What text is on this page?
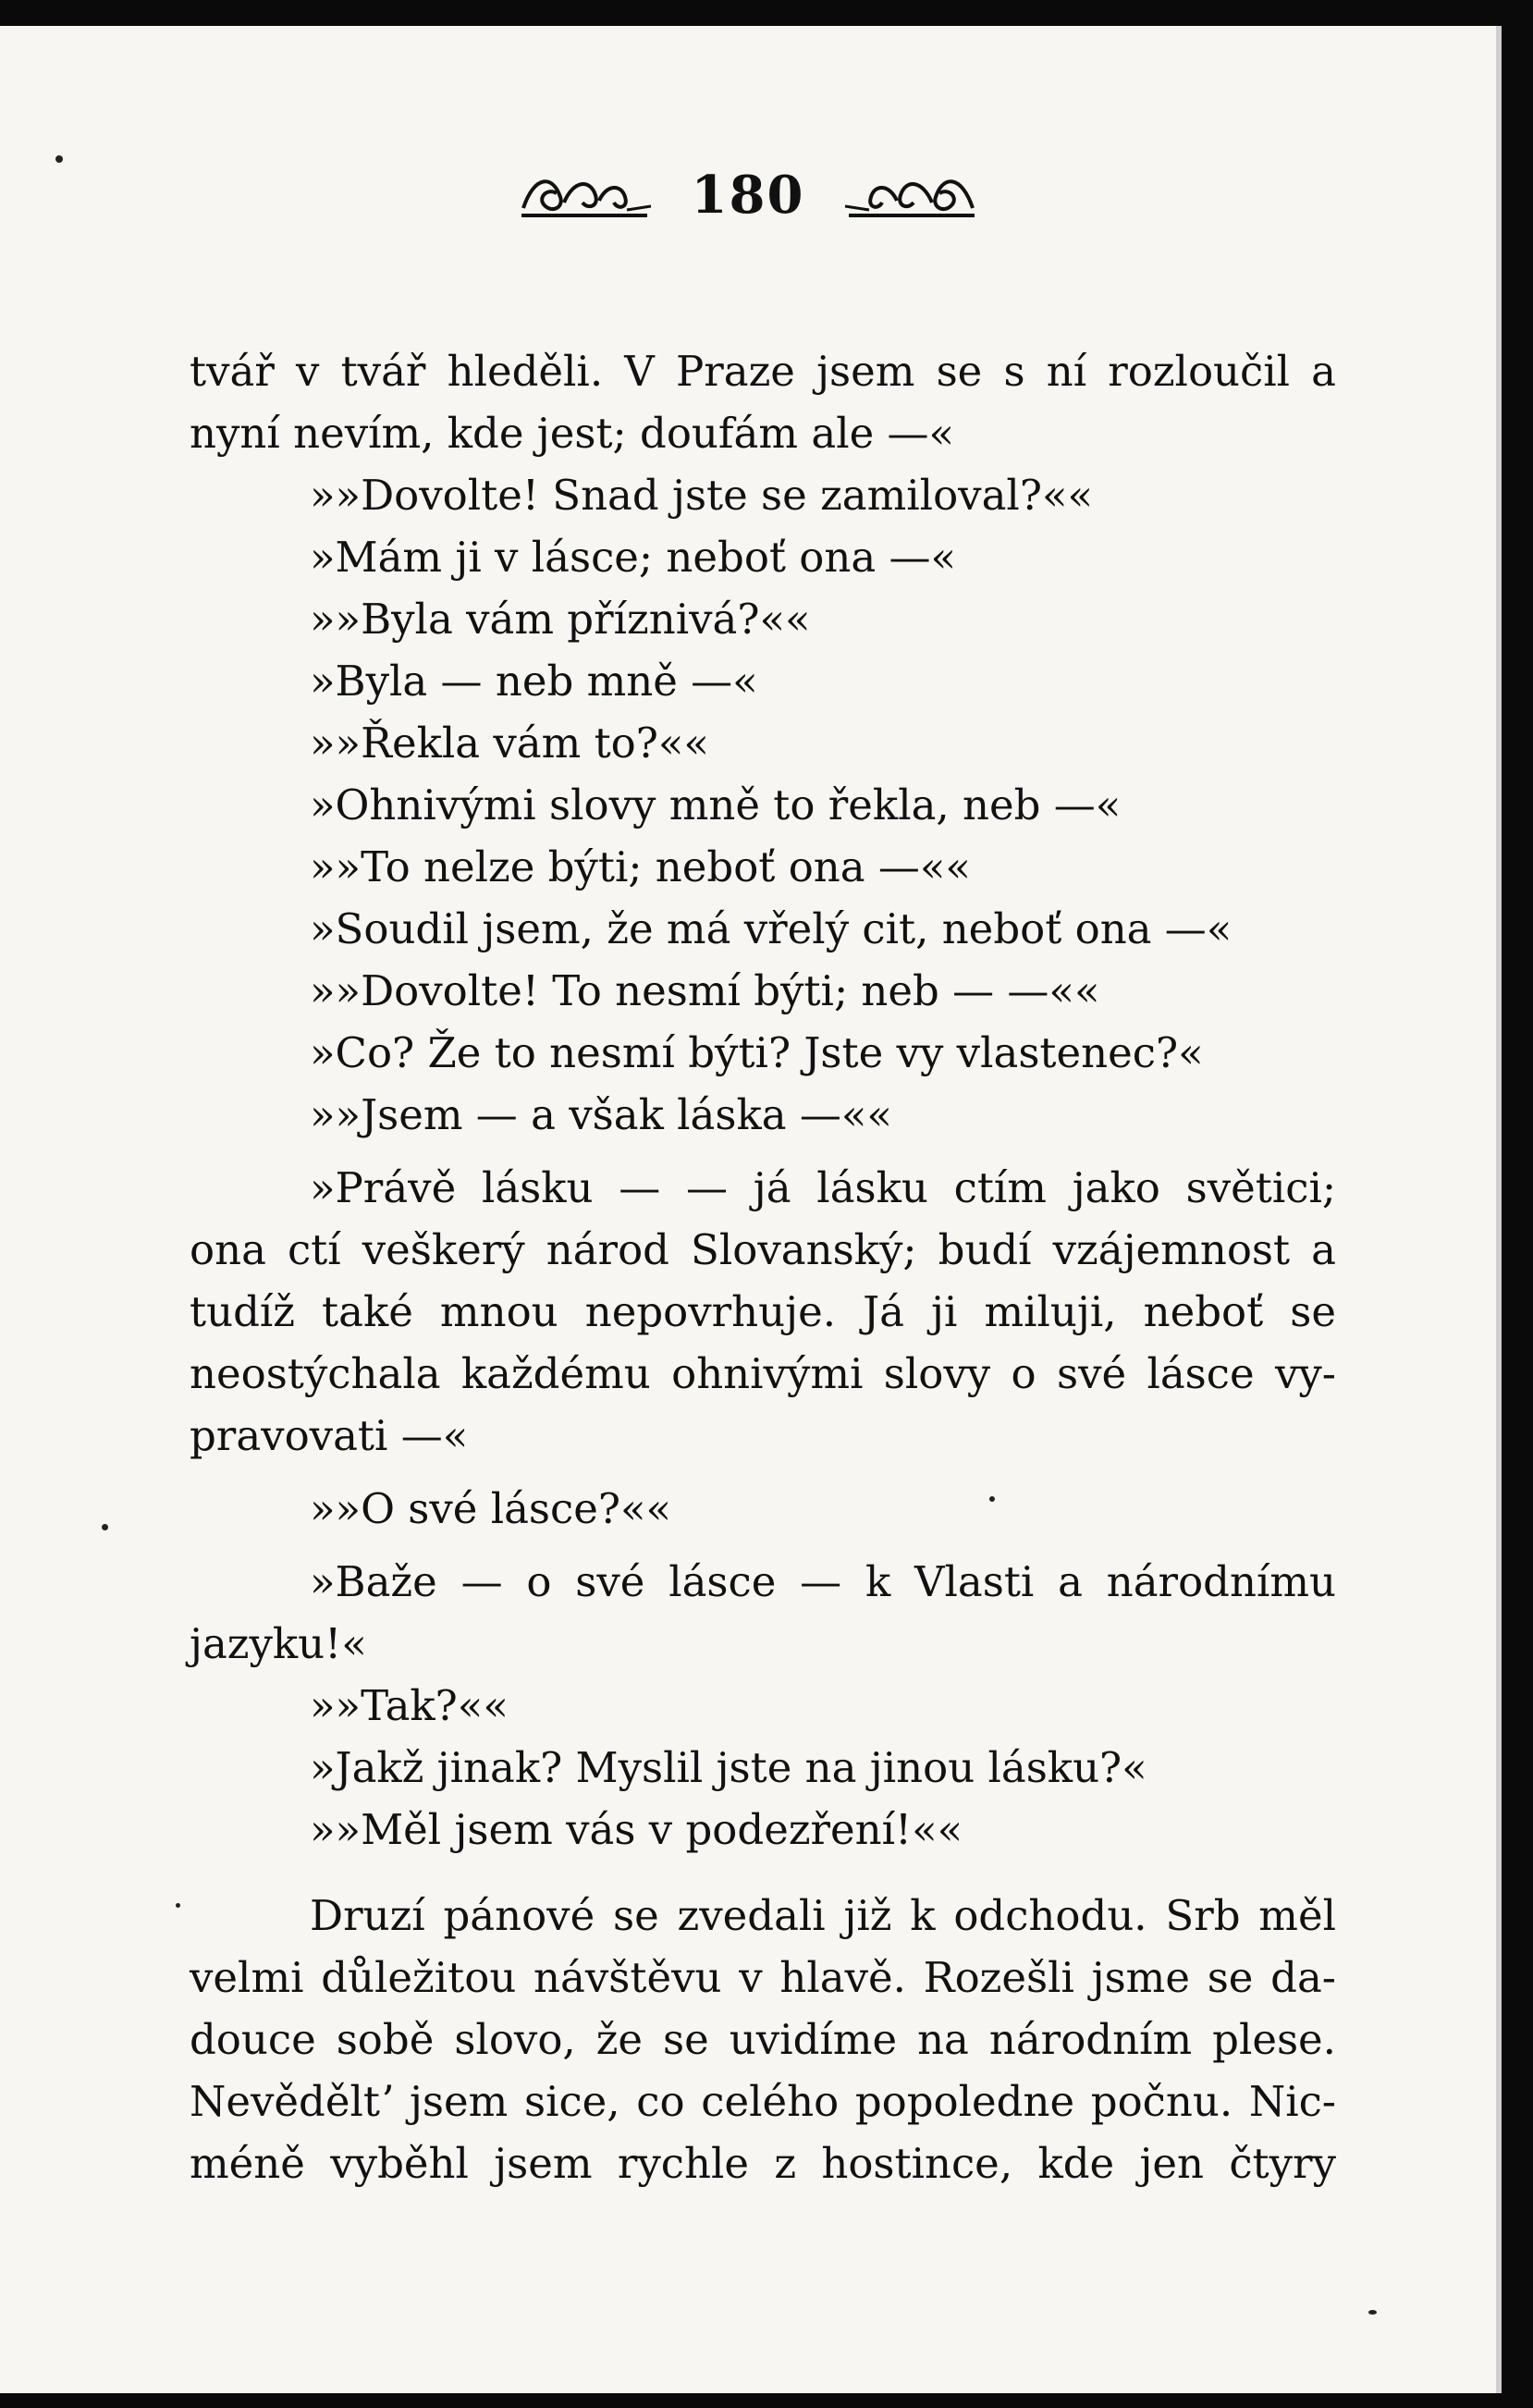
180
tvář v tvář hleděli. V Praze jsem se s ní rozloučil a
nyní nevím, kde jest; doufám ale —«
»»Dovolte! Snad jste se zamiloval?««
»Mám ji v lásce; neboť ona —«
»»Byla vám příznivá?««
»Byla — neb mně —«
»»Řekla vám to?««
»Ohnivými slovy mně to řekla, neb —«
»»To nelze býti; neboť ona —««
»Soudil jsem, že má vřelý cit, neboť ona —«
»»Dovolte! To nesmí býti; neb — —««
»Co? Že to nesmí býti? Jste vy vlastenec?«
»»Jsem — a však láska —««
»Právě lásku — — já lásku ctím jako světici;
ona ctí veškerý národ Slovanský; budí vzájemnost a
tudíž také mnou nepovrhuje. Já ji miluji, neboť se
neostýchala každému ohnivými slovy o své lásce vy-
pravovati —«
»»O své lásce?««
»Baže — o své lásce — k Vlasti a národnímu
jazyku!«
»»Tak?««
»Jakž jinak? Myslil jste na jinou lásku?«
»»Měl jsem vás v podezření!««
Druzí pánové se zvedali již k odchodu. Srb měl
velmi důležitou návštěvu v hlavě. Rozešli jsme se da-
douce sobě slovo, že se uvidíme na národním plese.
Nevěděltʼ jsem sice, co celého popoledne počnu. Nic-
méně vyběhl jsem rychle z hostince, kde jen čtyry
